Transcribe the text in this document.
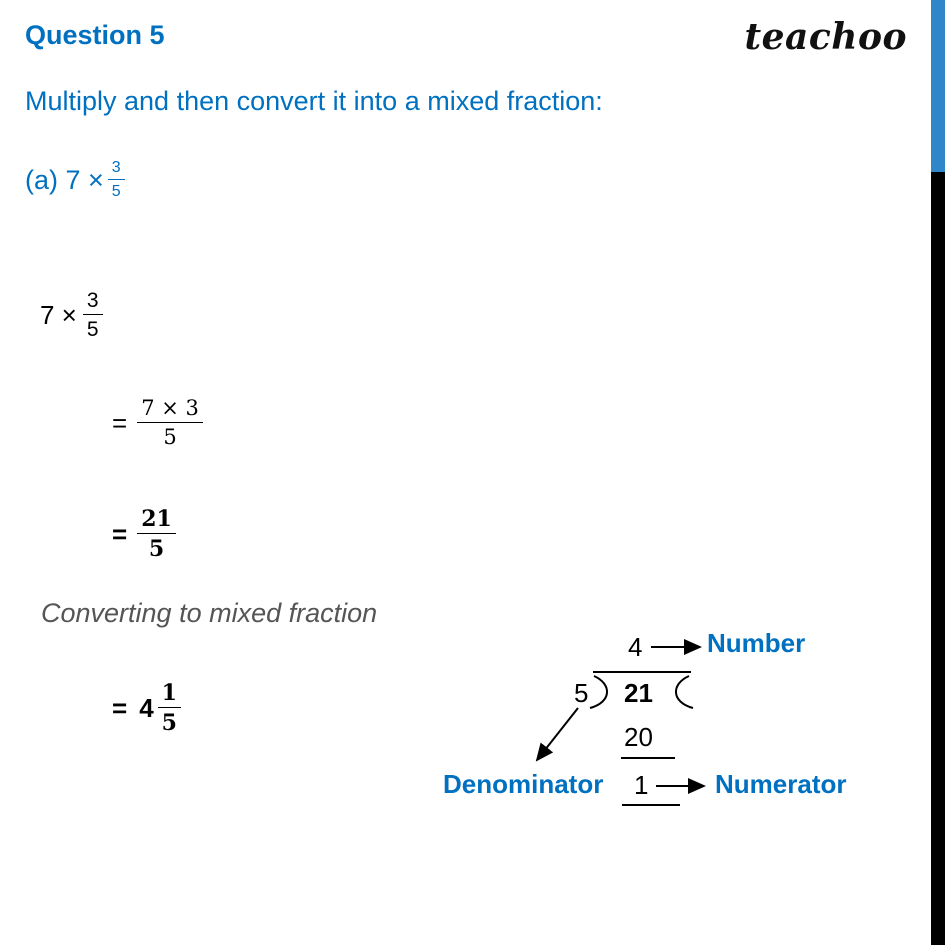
Question 5	teachoo
Multiply and then convert it into a mixed fraction:
(a) $7 \times \frac{3}{5}$
$7 \times \frac{3}{5}$
= $\frac{7 \times 3}{5}$
= $\frac{21}{5}$
Converting to mixed fraction
= $4 \frac{1}{5}$
4 Number
5 21
20
Denominator 1	Numerator
